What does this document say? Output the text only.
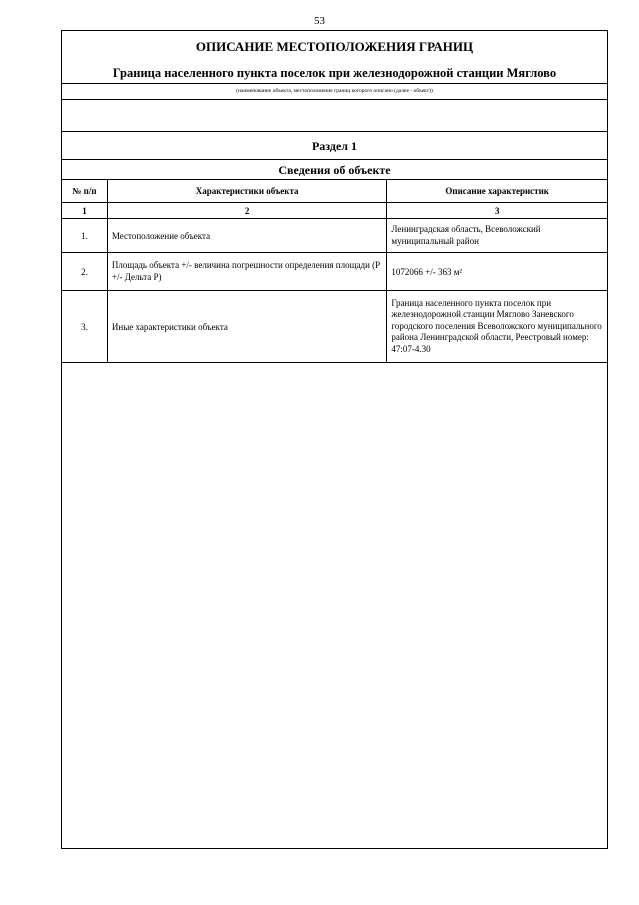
53
ОПИСАНИЕ МЕСТОПОЛОЖЕНИЯ ГРАНИЦ
Граница населенного пункта поселок при железнодорожной станции Мяглово
(наименование объекта, местоположение границ которого описано (далее - объект))
Раздел 1
Сведения об объекте
№ п/п	Характеристики объекта	Описание характеристик
1	2	3
1.	Местоположение объекта	Ленинградская область, Всеволожский муниципальный район
2.	Площадь объекта +/- величина погрешности определения площади (Р +/- Дельта Р)	1072066 +/- 363 м²
3.	Иные характеристики объекта	Граница населенного пункта поселок при железнодорожной станции Мяглово Заневского городского поселения Всеволожского муниципального района Ленинградской области, Реестровый номер: 47:07-4.30
